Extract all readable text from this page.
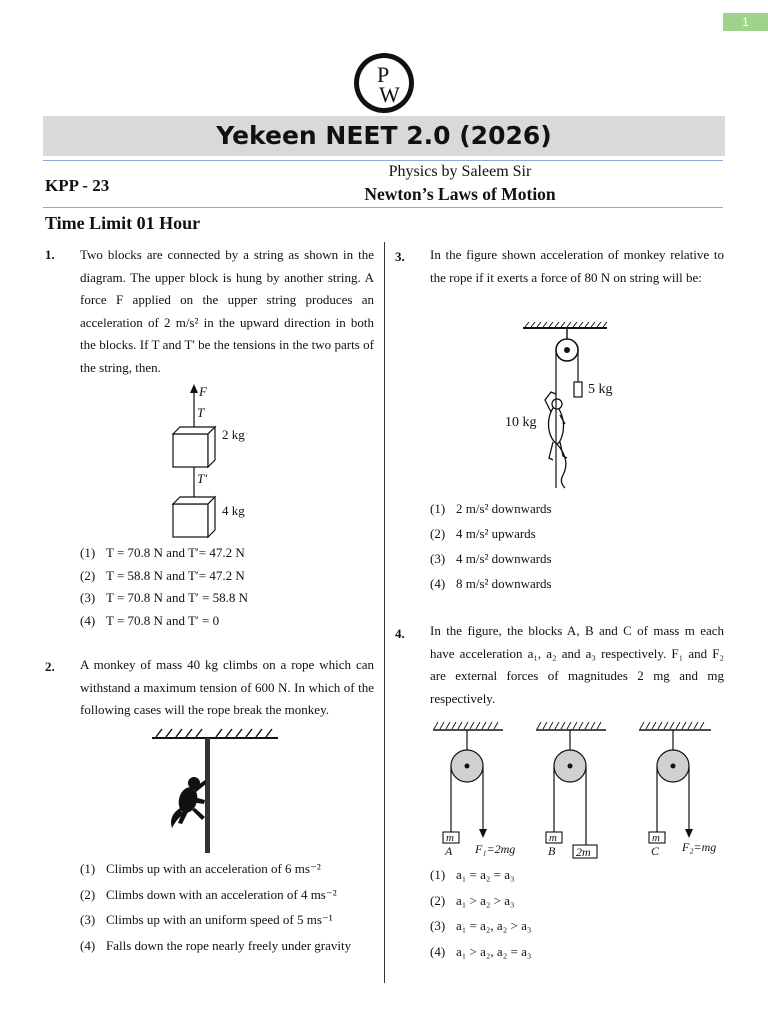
1
P
W
Yekeen NEET 2.0 (2026)
KPP - 23
Physics by Saleem Sir
Newton’s Laws of Motion
Time Limit 01 Hour
1. Two blocks are connected by a string as shown in the diagram. The upper block is hung by another string. A force F applied on the upper string produces an acceleration of 2 m/s² in the upward direction in both the blocks. If T and T' be the tensions in the two parts of the string, then.
F
T
2 kg
T'
4 kg
(1) T = 70.8 N and T′= 47.2 N
(2) T = 58.8 N and T′= 47.2 N
(3) T = 70.8 N and T′ = 58.8 N
(4) T = 70.8 N and T′ = 0
2. A monkey of mass 40 kg climbs on a rope which can withstand a maximum tension of 600 N. In which of the following cases will the rope break the monkey.
(1) Climbs up with an acceleration of 6 ms⁻²
(2) Climbs down with an acceleration of 4 ms⁻²
(3) Climbs up with an uniform speed of 5 ms⁻¹
(4) Falls down the rope nearly freely under gravity
3. In the figure shown acceleration of monkey relative to the rope if it exerts a force of 80 N on string will be:
5 kg
10 kg
(1) 2 m/s² downwards
(2) 4 m/s² upwards
(3) 4 m/s² downwards
(4) 8 m/s² downwards
4. In the figure, the blocks A, B and C of mass m each have acceleration a₁, a₂ and a₃ respectively. F₁ and F₂ are external forces of magnitudes 2 mg and mg respectively.
m	m	m
2m
A	B	C
F₁=2mg	F₂=mg
(1) a₁ = a₂ = a₃
(2) a₁ > a₂ > a₃
(3) a₁ = a₂, a₂ > a₃
(4) a₁ > a₂, a₂ = a₃
